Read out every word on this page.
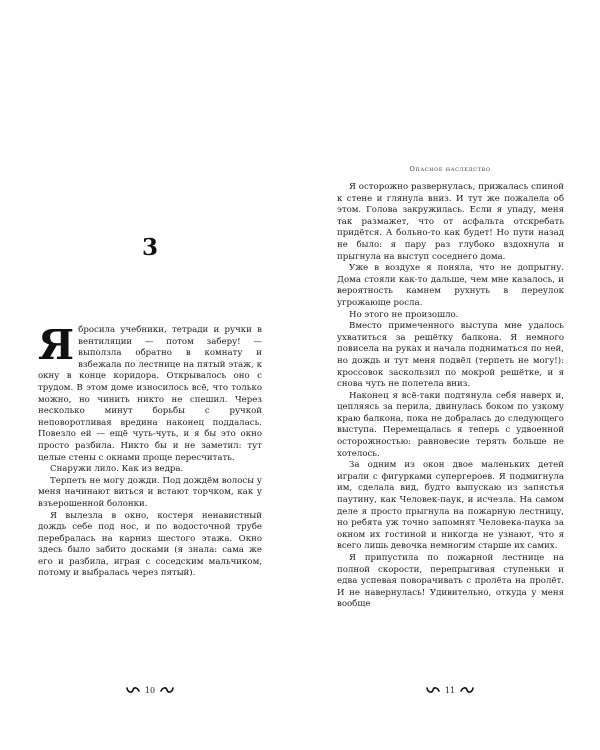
3

Ябросила учебники, тетради и ручки в вентиляции — потом заберу! — выползла обратно в комнату и взбежала по лестнице на пятый этаж, к окну в конце коридора. Открывалось оно с трудом. В этом доме износилось всё, что только можно, но чинить никто не спешил. Через несколько минут борьбы с ручкой неповоротливая вредина наконец поддалась. Повезло ей — ещё чуть-чуть, и я бы это окно просто разбила. Никто бы и не заметил: тут целые стены с окнами проще пересчитать.

Снаружи лило. Как из ведра.

Терпеть не могу дожди. Под дождём волосы у меня начинают виться и встают торчком, как у взъерошенной болонки.

Я вылезла в окно, костеря ненавистный дождь себе под нос, и по водосточной трубе перебралась на карниз шестого этажа. Окно здесь было забито досками (я знала: сама же его и разбила, играя с соседским мальчиком, потому и выбралась через пятый).

10
Опасное наследство

Я осторожно развернулась, прижалась спиной к стене и глянула вниз. И тут же пожалела об этом. Голова закружилась. Если я упаду, меня так размажет, что от асфальта отскребать придётся. А больно-то как будет! Но пути назад не было: я пару раз глубоко вздохнула и прыгнула на выступ соседнего дома.

Уже в воздухе я поняла, что не допрыгну. Дома стояли как-то дальше, чем мне казалось, и вероятность камнем рухнуть в переулок угрожающе росла.

Но этого не произошло.

Вместо примеченного выступа мне удалось ухватиться за решётку балкона. Я немного повисела на руках и начала подниматься по ней, но дождь и тут меня подвёл (терпеть не могу!): кроссовок заскользил по мокрой решётке, и я снова чуть не полетела вниз.

Наконец я всё-таки подтянула себя наверх и, цепляясь за перила, двинулась боком по узкому краю балкона, пока не добралась до следующего выступа. Перемещалась я теперь с удвоенной осторожностью: равновесие терять больше не хотелось.

За одним из окон двое маленьких детей играли с фигурками супергероев. Я подмигнула им, сделала вид, будто выпускаю из запястья паутину, как Человек-паук, и исчезла. На самом деле я просто прыгнула на пожарную лестницу, но ребята уж точно запомнят Человека-паука за окном их гостиной и никогда не узнают, что я всего лишь девочка немногим старше их самих.

Я припустила по пожарной лестнице на полной скорости, перепрыгивая ступеньки и едва успевая поворачивать с пролёта на пролёт. И не навернулась! Удивительно, откуда у меня вообще

11
